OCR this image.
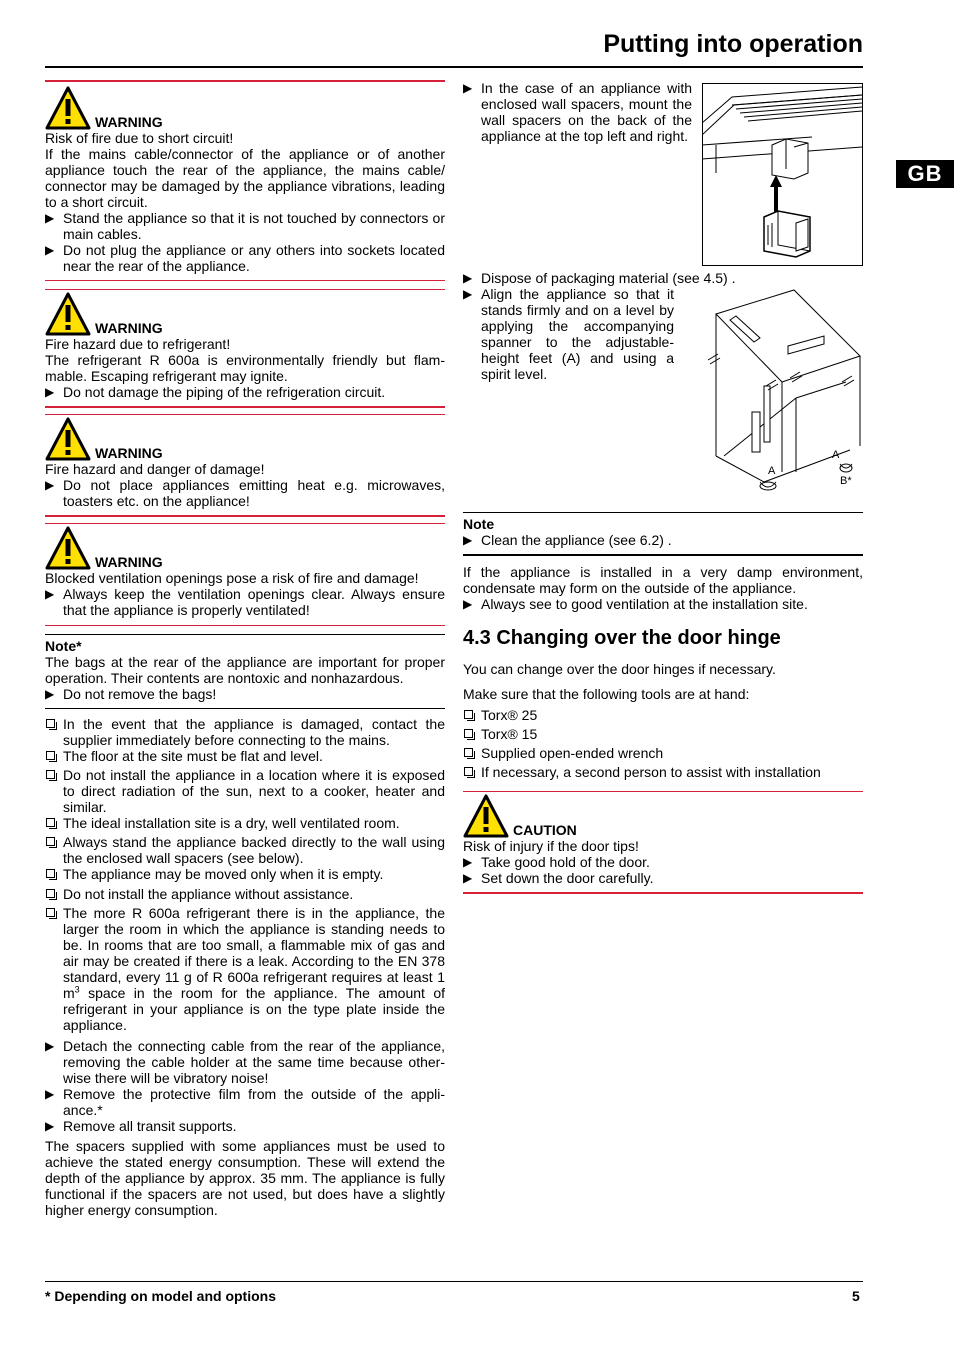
Putting into operation
GB
WARNING

Risk of fire due to short circuit!

If the mains cable/connector of the appliance or of another appliance touch the rear of the appliance, the mains cable/ connector may be damaged by the appliance vibrations, leading to a short circuit.

▶ Stand the appliance so that it is not touched by connectors or main cables.
▶ Do not plug the appliance or any others into sockets located near the rear of the appliance.
WARNING

Fire hazard due to refrigerant!

The refrigerant R 600a is environmentally friendly but flam-mable. Escaping refrigerant may ignite.

▶ Do not damage the piping of the refrigeration circuit.
WARNING

Fire hazard and danger of damage!

▶ Do not place appliances emitting heat e.g. microwaves, toasters etc. on the appliance!
WARNING

Blocked ventilation openings pose a risk of fire and damage!

▶ Always keep the ventilation openings clear. Always ensure that the appliance is properly ventilated!

Note*

The bags at the rear of the appliance are important for proper operation. Their contents are nontoxic and nonhazardous.

▶ Do not remove the bags!
In the event that the appliance is damaged, contact the supplier immediately before connecting to the mains.
The floor at the site must be flat and level.
Do not install the appliance in a location where it is exposed to direct radiation of the sun, next to a cooker, heater and similar.
The ideal installation site is a dry, well ventilated room.
Always stand the appliance backed directly to the wall using the enclosed wall spacers (see below).
The appliance may be moved only when it is empty.
Do not install the appliance without assistance.
The more R 600a refrigerant there is in the appliance, the larger the room in which the appliance is standing needs to be. In rooms that are too small, a flammable mix of gas and air may be created if there is a leak. According to the EN 378 standard, every 11 g of R 600a refrigerant requires at least 1 $m^3$ space in the room for the appliance. The amount of refrigerant in your appliance is on the type plate inside the appliance.
▶ Detach the connecting cable from the rear of the appliance, removing the cable holder at the same time because other-wise there will be vibratory noise!
▶ Remove the protective film from the outside of the appli-ance.*
▶ Remove all transit supports.

The spacers supplied with some appliances must be used to achieve the stated energy consumption. These will extend the depth of the appliance by approx. 35 mm. The appliance is fully functional if the spacers are not used, but does have a slightly higher energy consumption.

▶ In the case of an appliance with enclosed wall spacers, mount the wall spacers on the back of the appliance at the top left and right.
▶ Dispose of packaging material (see 4.5) .
▶ Align the appliance so that it stands firmly and on a level by applying the accompanying spanner to the adjustable-height feet (A) and using a spirit level.
A
A
B*

Note

▶ Clean the appliance (see 6.2) .

If the appliance is installed in a very damp environment, condensate may form on the outside of the appliance.

▶ Always see to good ventilation at the installation site.
4.3 Changing over the door hinge

You can change over the door hinges if necessary.

Make sure that the following tools are at hand:

Torx® 25
Torx® 15
Supplied open-ended wrench
If necessary, a second person to assist with installation
CAUTION

Risk of injury if the door tips!

▶ Take good hold of the door.
▶ Set down the door carefully.
* Depending on model and options	5
